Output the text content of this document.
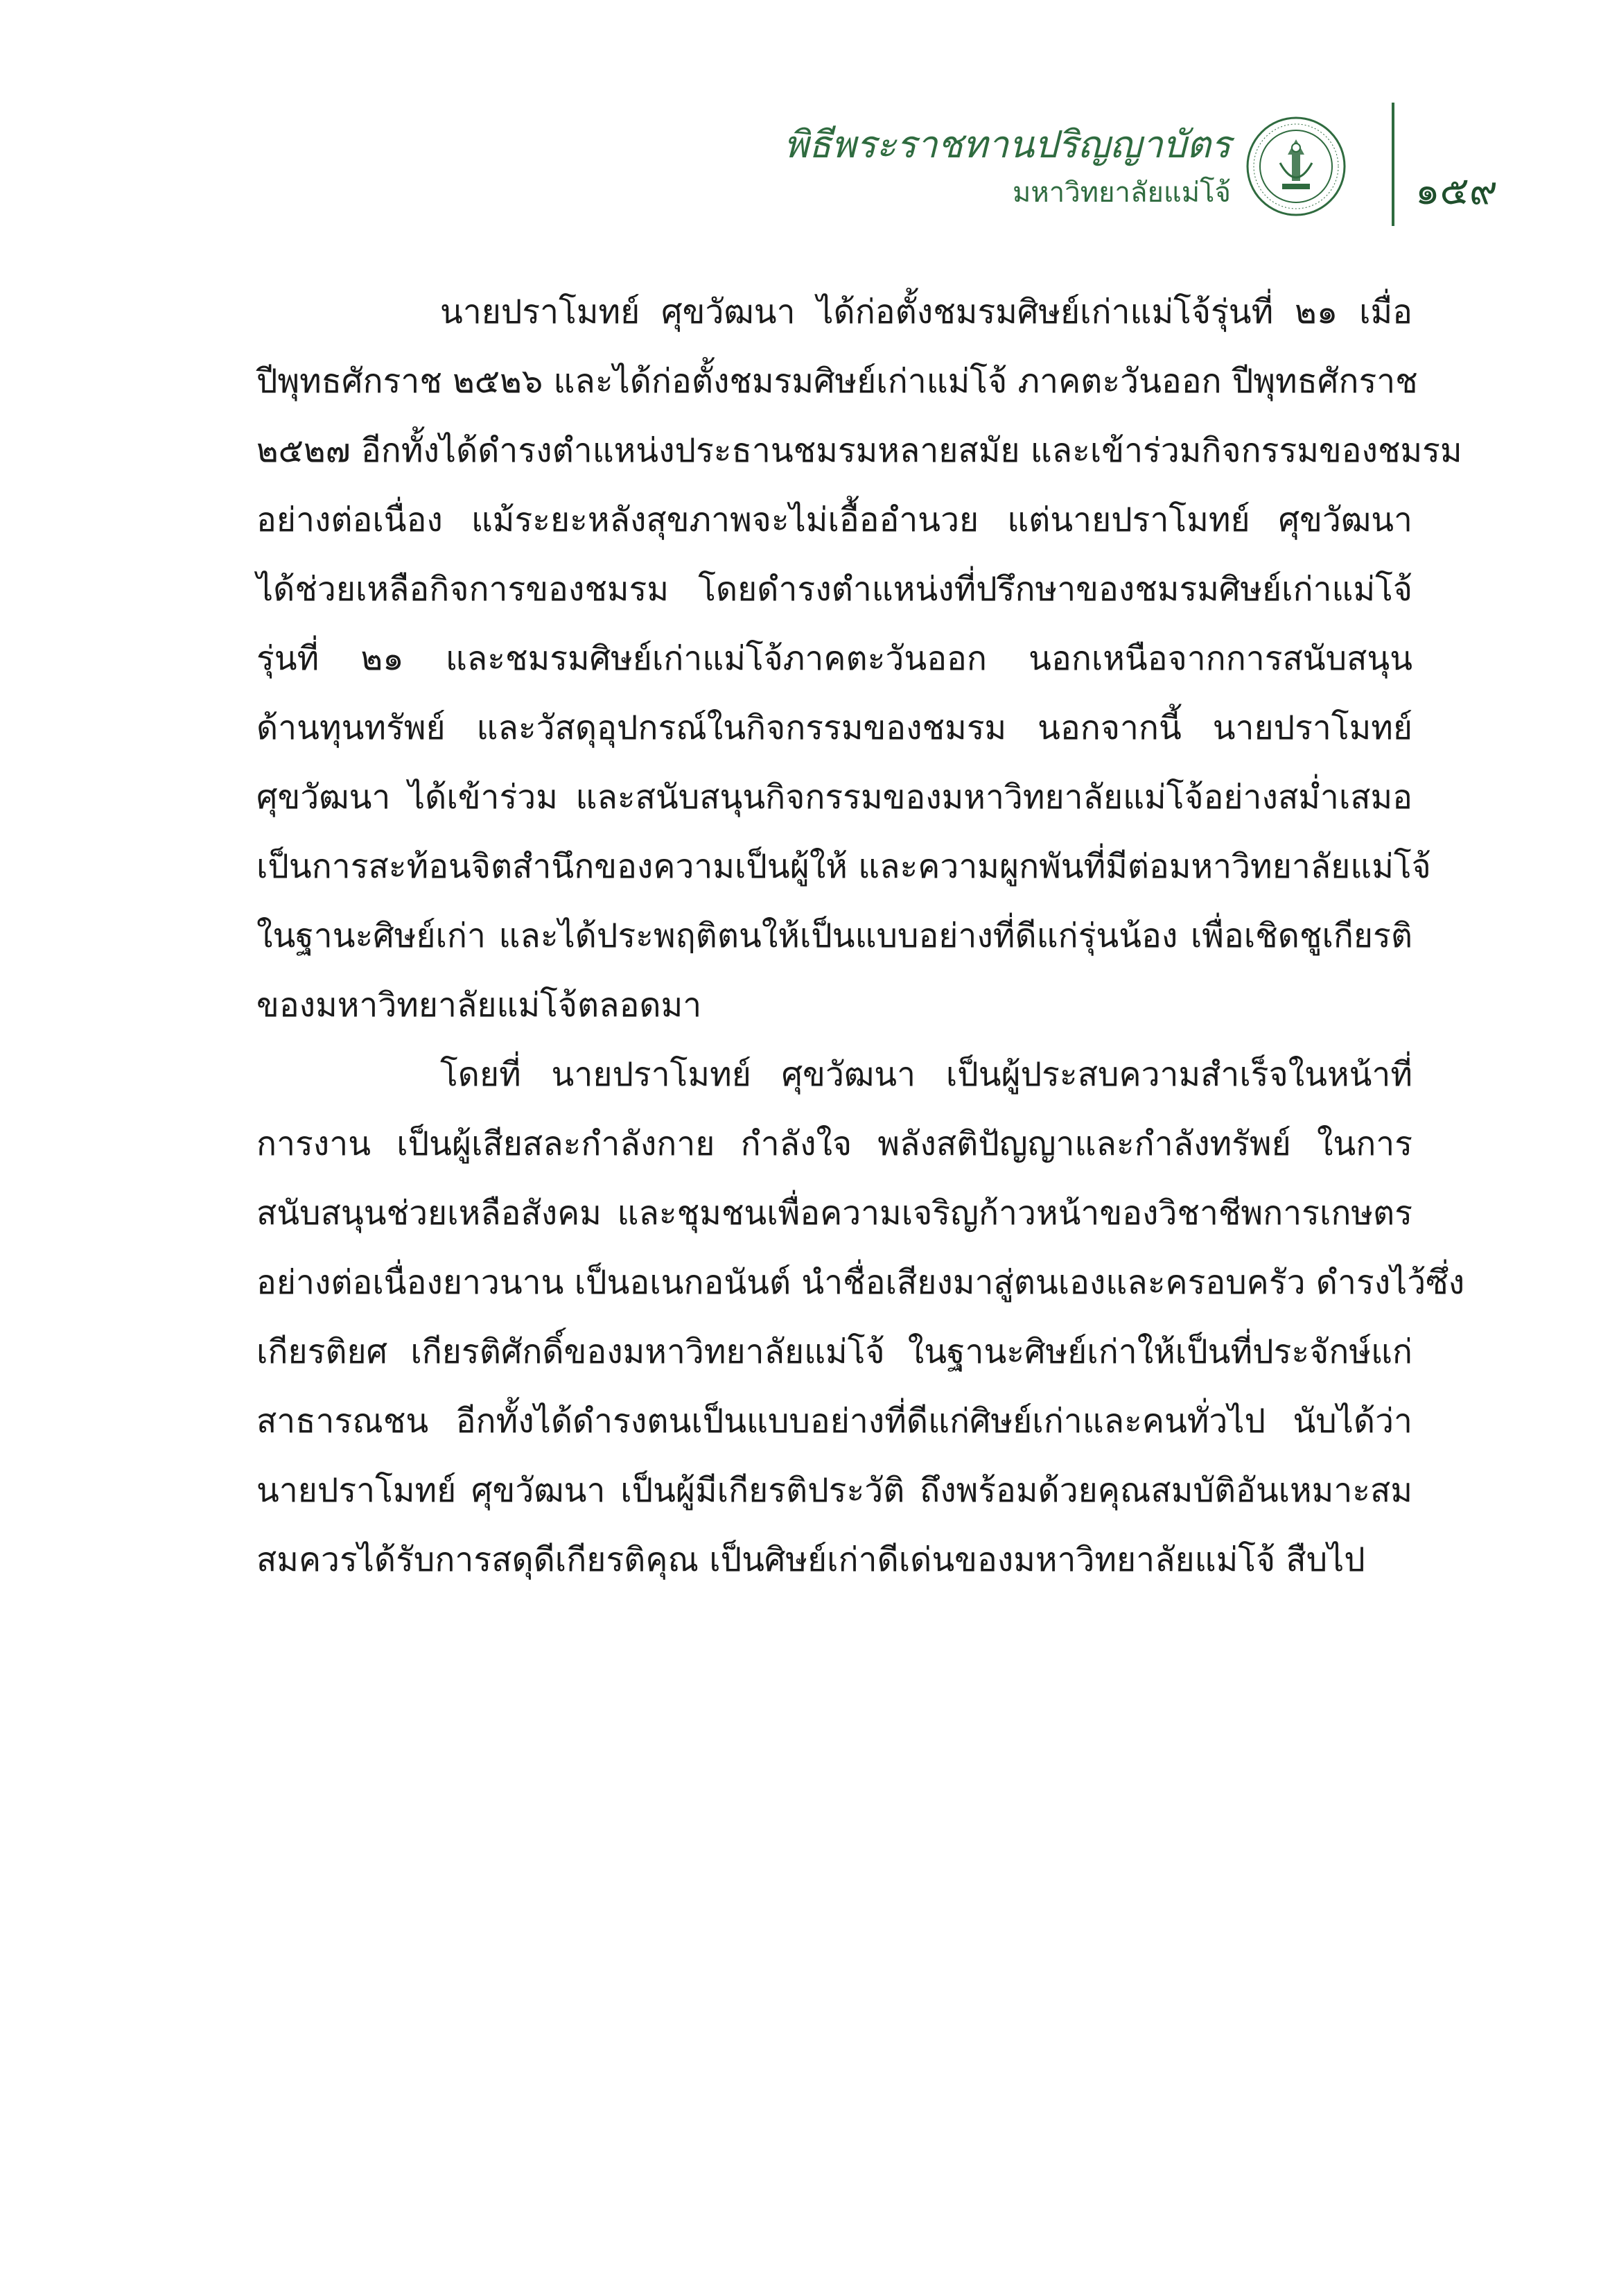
พิธีพระราชทานปริญญาบัตร
มหาวิทยาลัยแม่โจ้	๑๕๙
นายปราโมทย์ ศุขวัฒนา ได้ก่อตั้งชมรมศิษย์เก่าแม่โจ้รุ่นที่ ๒๑ เมื่อ
ปีพุทธศักราช ๒๕๒๖ และได้ก่อตั้งชมรมศิษย์เก่าแม่โจ้ ภาคตะวันออก ปีพุทธศักราช
๒๕๒๗ อีกทั้งได้ดำรงตำแหน่งประธานชมรมหลายสมัย และเข้าร่วมกิจกรรมของชมรม
อย่างต่อเนื่อง แม้ระยะหลังสุขภาพจะไม่เอื้ออำนวย แต่นายปราโมทย์ ศุขวัฒนา
ได้ช่วยเหลือกิจการของชมรม โดยดำรงตำแหน่งที่ปรึกษาของชมรมศิษย์เก่าแม่โจ้
รุ่นที่ ๒๑ และชมรมศิษย์เก่าแม่โจ้ภาคตะวันออก นอกเหนือจากการสนับสนุน
ด้านทุนทรัพย์ และวัสดุอุปกรณ์ในกิจกรรมของชมรม นอกจากนี้ นายปราโมทย์
ศุขวัฒนา ได้เข้าร่วม และสนับสนุนกิจกรรมของมหาวิทยาลัยแม่โจ้อย่างสม่ำเสมอ
เป็นการสะท้อนจิตสำนึกของความเป็นผู้ให้ และความผูกพันที่มีต่อมหาวิทยาลัยแม่โจ้
ในฐานะศิษย์เก่า และได้ประพฤติตนให้เป็นแบบอย่างที่ดีแก่รุ่นน้อง เพื่อเชิดชูเกียรติ
ของมหาวิทยาลัยแม่โจ้ตลอดมา
โดยที่ นายปราโมทย์ ศุขวัฒนา เป็นผู้ประสบความสำเร็จในหน้าที่
การงาน เป็นผู้เสียสละกำลังกาย กำลังใจ พลังสติปัญญาและกำลังทรัพย์ ในการ
สนับสนุนช่วยเหลือสังคม และชุมชนเพื่อความเจริญก้าวหน้าของวิชาชีพการเกษตร
อย่างต่อเนื่องยาวนาน เป็นอเนกอนันต์ นำชื่อเสียงมาสู่ตนเองและครอบครัว ดำรงไว้ซึ่ง
เกียรติยศ เกียรติศักดิ์ของมหาวิทยาลัยแม่โจ้ ในฐานะศิษย์เก่าให้เป็นที่ประจักษ์แก่
สาธารณชน อีกทั้งได้ดำรงตนเป็นแบบอย่างที่ดีแก่ศิษย์เก่าและคนทั่วไป นับได้ว่า
นายปราโมทย์ ศุขวัฒนา เป็นผู้มีเกียรติประวัติ ถึงพร้อมด้วยคุณสมบัติอันเหมาะสม
สมควรได้รับการสดุดีเกียรติคุณ เป็นศิษย์เก่าดีเด่นของมหาวิทยาลัยแม่โจ้ สืบไป
